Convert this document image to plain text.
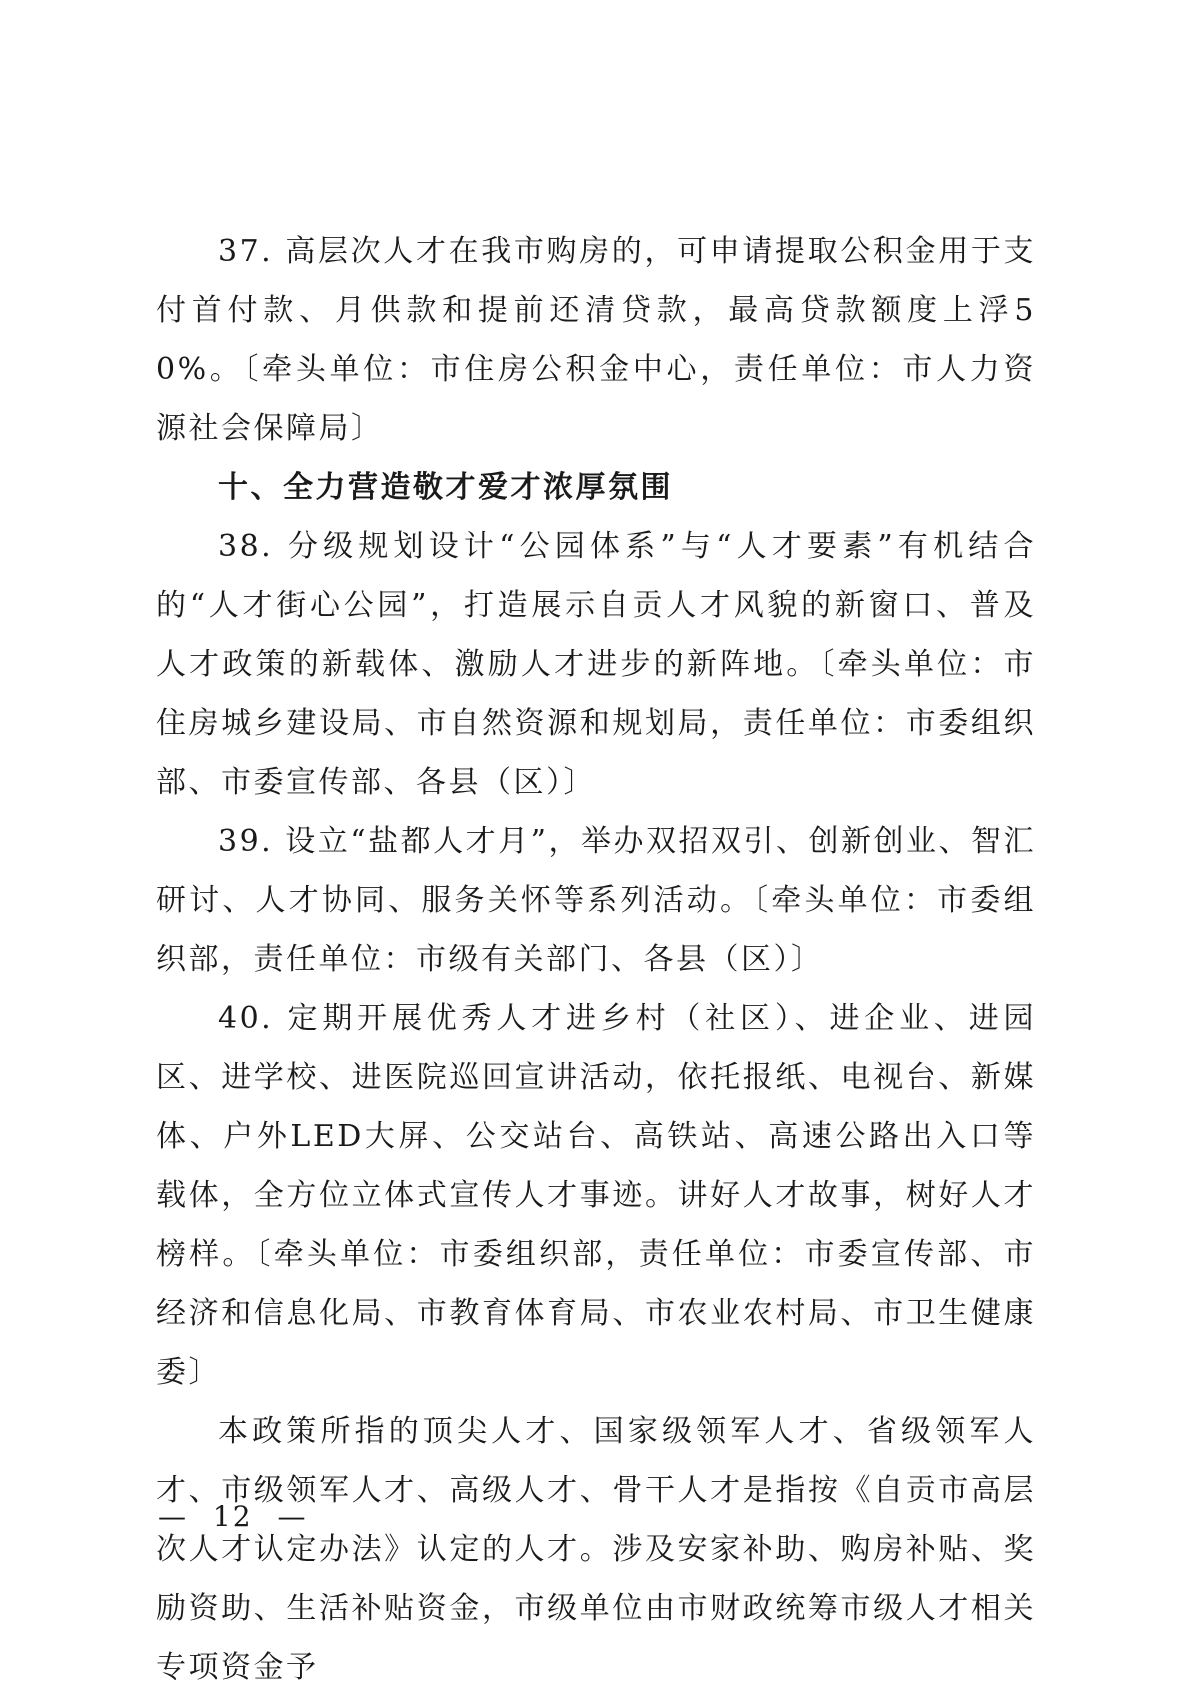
37. 高层次人才在我市购房的，可申请提取公积金用于支付首付款、月供款和提前还清贷款，最高贷款额度上浮50%。〔牵头单位：市住房公积金中心，责任单位：市人力资源社会保障局〕

十、全力营造敬才爱才浓厚氛围

38. 分级规划设计“公园体系”与“人才要素”有机结合的“人才街心公园”，打造展示自贡人才风貌的新窗口、普及人才政策的新载体、激励人才进步的新阵地。〔牵头单位：市住房城乡建设局、市自然资源和规划局，责任单位：市委组织部、市委宣传部、各县（区）〕

39. 设立“盐都人才月”，举办双招双引、创新创业、智汇研讨、人才协同、服务关怀等系列活动。〔牵头单位：市委组织部，责任单位：市级有关部门、各县（区）〕

40. 定期开展优秀人才进乡村（社区）、进企业、进园区、进学校、进医院巡回宣讲活动，依托报纸、电视台、新媒体、户外LED大屏、公交站台、高铁站、高速公路出入口等载体，全方位立体式宣传人才事迹。讲好人才故事，树好人才榜样。〔牵头单位：市委组织部，责任单位：市委宣传部、市经济和信息化局、市教育体育局、市农业农村局、市卫生健康委〕

本政策所指的顶尖人才、国家级领军人才、省级领军人才、市级领军人才、高级人才、骨干人才是指按《自贡市高层次人才认定办法》认定的人才。涉及安家补助、购房补贴、奖励资助、生活补贴资金，市级单位由市财政统筹市级人才相关专项资金予

— 12 —
